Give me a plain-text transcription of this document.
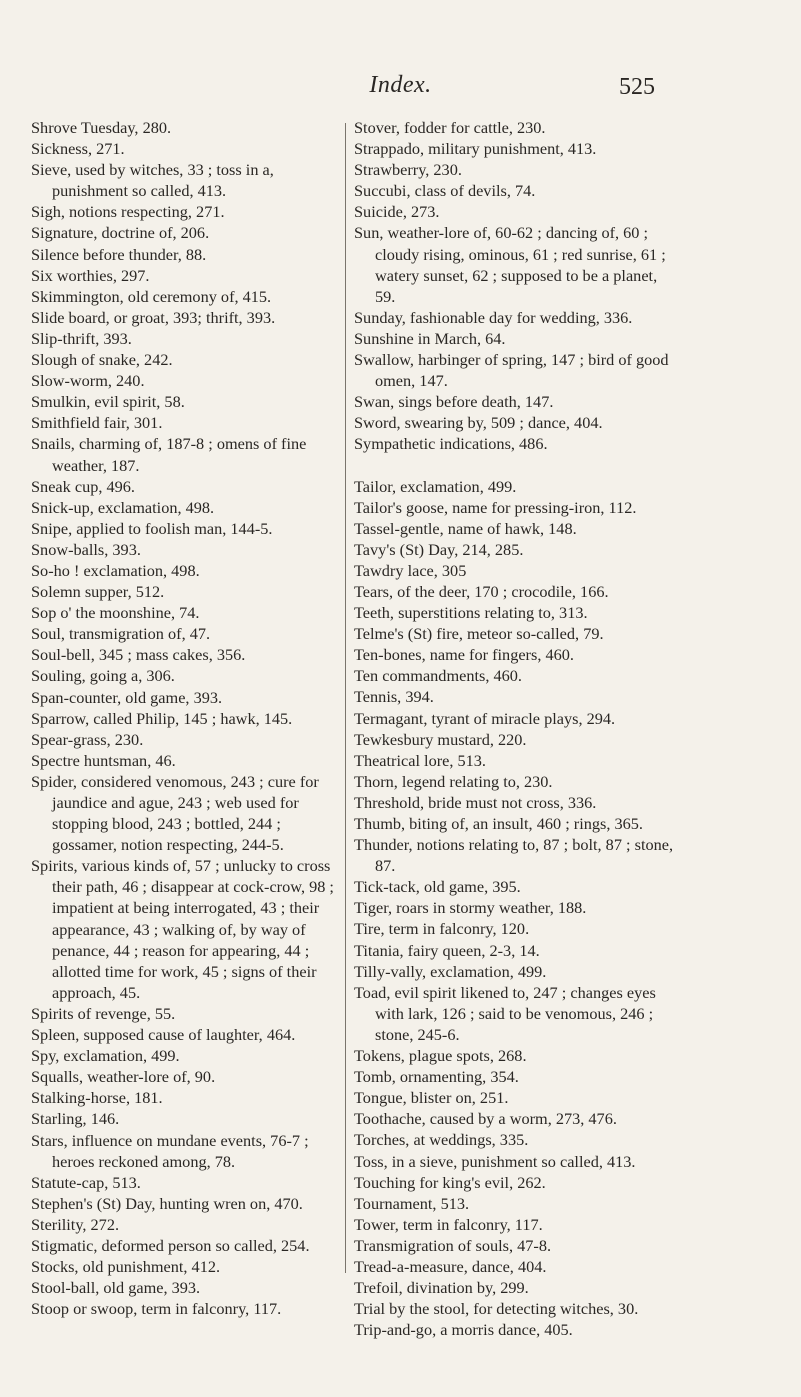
Index.	525

Shrove Tuesday, 280.

Sickness, 271.

Sieve, used by witches, 33 ; toss in a, punishment so called, 413.

Sigh, notions respecting, 271.

Signature, doctrine of, 206.

Silence before thunder, 88.

Six worthies, 297.

Skimmington, old ceremony of, 415.

Slide board, or groat, 393; thrift, 393.

Slip-thrift, 393.

Slough of snake, 242.

Slow-worm, 240.

Smulkin, evil spirit, 58.

Smithfield fair, 301.

Snails, charming of, 187-8 ; omens of fine weather, 187.

Sneak cup, 496.

Snick-up, exclamation, 498.

Snipe, applied to foolish man, 144-5.

Snow-balls, 393.

So-ho ! exclamation, 498.

Solemn supper, 512.

Sop o' the moonshine, 74.

Soul, transmigration of, 47.

Soul-bell, 345 ; mass cakes, 356.

Souling, going a, 306.

Span-counter, old game, 393.

Sparrow, called Philip, 145 ; hawk, 145.

Spear-grass, 230.

Spectre huntsman, 46.

Spider, considered venomous, 243 ; cure for jaundice and ague, 243 ; web used for stopping blood, 243 ; bottled, 244 ; gossamer, notion respecting, 244-5.

Spirits, various kinds of, 57 ; unlucky to cross their path, 46 ; disappear at cock-crow, 98 ; impatient at being interrogated, 43 ; their appearance, 43 ; walking of, by way of penance, 44 ; reason for appearing, 44 ; allotted time for work, 45 ; signs of their approach, 45.

Spirits of revenge, 55.

Spleen, supposed cause of laughter, 464.

Spy, exclamation, 499.

Squalls, weather-lore of, 90.

Stalking-horse, 181.

Starling, 146.

Stars, influence on mundane events, 76-7 ; heroes reckoned among, 78.

Statute-cap, 513.

Stephen's (St) Day, hunting wren on, 470.

Sterility, 272.

Stigmatic, deformed person so called, 254.

Stocks, old punishment, 412.

Stool-ball, old game, 393.

Stoop or swoop, term in falconry, 117.

Stover, fodder for cattle, 230.

Strappado, military punishment, 413.

Strawberry, 230.

Succubi, class of devils, 74.

Suicide, 273.

Sun, weather-lore of, 60-62 ; dancing of, 60 ; cloudy rising, ominous, 61 ; red sunrise, 61 ; watery sunset, 62 ; supposed to be a planet, 59.

Sunday, fashionable day for wedding, 336.

Sunshine in March, 64.

Swallow, harbinger of spring, 147 ; bird of good omen, 147.

Swan, sings before death, 147.

Sword, swearing by, 509 ; dance, 404.

Sympathetic indications, 486.

Tailor, exclamation, 499.

Tailor's goose, name for pressing-iron, 112.

Tassel-gentle, name of hawk, 148.

Tavy's (St) Day, 214, 285.

Tawdry lace, 305

Tears, of the deer, 170 ; crocodile, 166.

Teeth, superstitions relating to, 313.

Telme's (St) fire, meteor so-called, 79.

Ten-bones, name for fingers, 460.

Ten commandments, 460.

Tennis, 394.

Termagant, tyrant of miracle plays, 294.

Tewkesbury mustard, 220.

Theatrical lore, 513.

Thorn, legend relating to, 230.

Threshold, bride must not cross, 336.

Thumb, biting of, an insult, 460 ; rings, 365.

Thunder, notions relating to, 87 ; bolt, 87 ; stone, 87.

Tick-tack, old game, 395.

Tiger, roars in stormy weather, 188.

Tire, term in falconry, 120.

Titania, fairy queen, 2-3, 14.

Tilly-vally, exclamation, 499.

Toad, evil spirit likened to, 247 ; changes eyes with lark, 126 ; said to be venomous, 246 ; stone, 245-6.

Tokens, plague spots, 268.

Tomb, ornamenting, 354.

Tongue, blister on, 251.

Toothache, caused by a worm, 273, 476.

Torches, at weddings, 335.

Toss, in a sieve, punishment so called, 413.

Touching for king's evil, 262.

Tournament, 513.

Tower, term in falconry, 117.

Transmigration of souls, 47-8.

Tread-a-measure, dance, 404.

Trefoil, divination by, 299.

Trial by the stool, for detecting witches, 30.

Trip-and-go, a morris dance, 405.
